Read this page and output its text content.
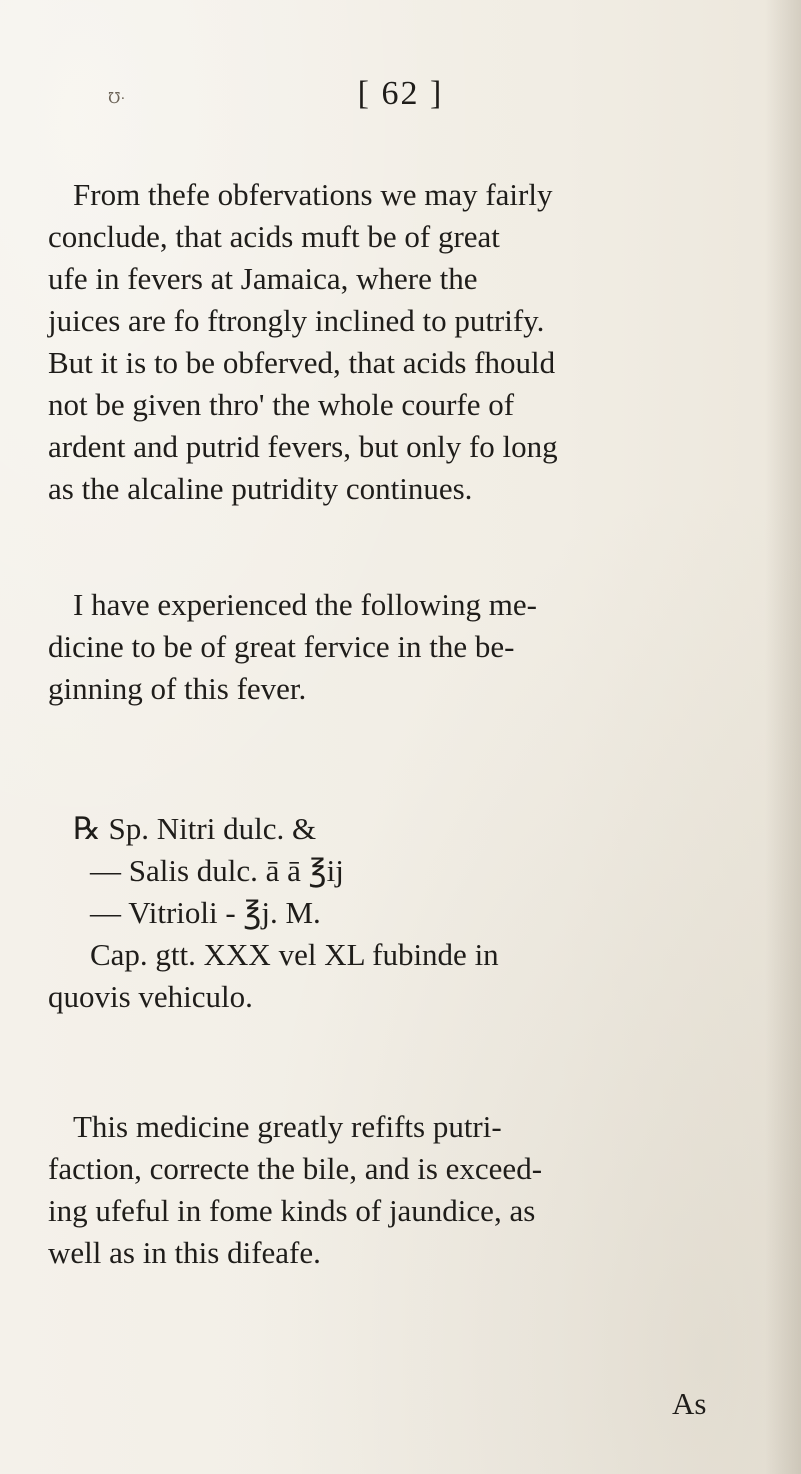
℧·	[ 62 ]
From thefe obfervations we may fairly
conclude, that acids muft be of great
ufe in fevers at Jamaica, where the
juices are fo ftrongly inclined to putrify.
But it is to be obferved, that acids fhould
not be given thro' the whole courfe of
ardent and putrid fevers, but only fo long
as the alcaline putridity continues.
I have experienced the following me-
dicine to be of great fervice in the be-
ginning of this fever.
℞ Sp. Nitri dulc. &
— Salis dulc. ā ā ℥ij
— Vitrioli - ℥j. M.
Cap. gtt. XXX vel XL fubinde in
quovis vehiculo.
This medicine greatly refifts putri-
faction, correcte the bile, and is exceed-
ing ufeful in fome kinds of jaundice, as
well as in this difeafe.
As
